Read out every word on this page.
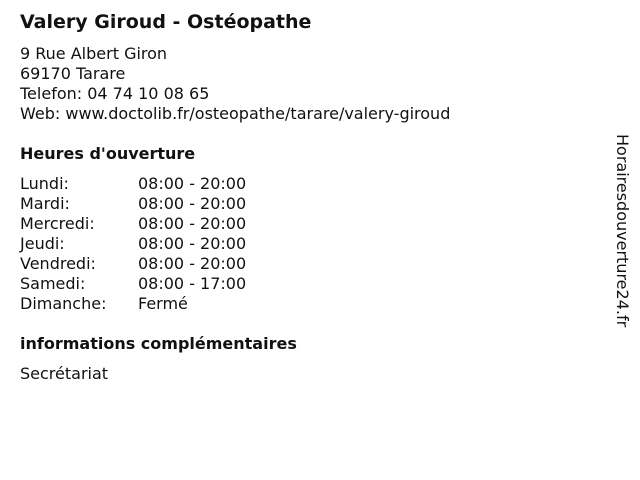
Valery Giroud - Ostéopathe
9 Rue Albert Giron
69170 Tarare
Telefon: 04 74 10 08 65
Web: www.doctolib.fr/osteopathe/tarare/valery-giroud
Heures d'ouverture
Lundi:	08:00 - 20:00
Mardi:	08:00 - 20:00
Mercredi:	08:00 - 20:00
Jeudi:	08:00 - 20:00
Vendredi:	08:00 - 20:00
Samedi:	08:00 - 17:00
Dimanche: Fermé
informations complémentaires
Secrétariat
Horairesdouverture24.fr
